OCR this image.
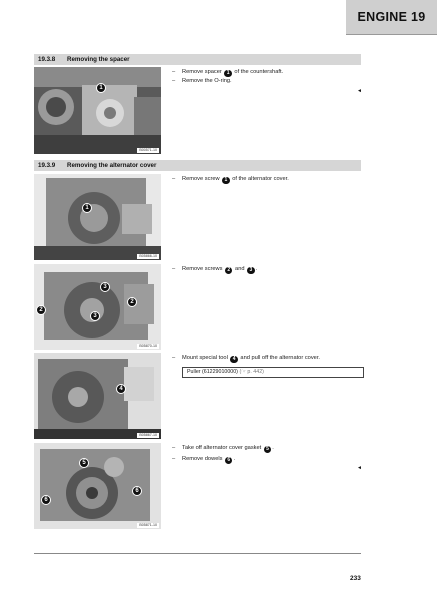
ENGINE 19
19.3.8 Removing the spacer
1
B00571-10
– Remove spacer 1 of the countershaft.
– Remove the O-ring.
◄
19.3.9 Removing the alternator cover
1
B05866-10
– Remove screw 1 of the alternator cover.
3
2
2
3
B05870-10
– Remove screws 2 and 3 .
4
B05867-10
– Mount special tool 4 and pull off the alternator cover.
Puller (61229010000) (☞ p. 442)
5
6
6
B05871-10
– Take off alternator cover gasket 5 .
– Remove dowels 6 .
◄
233
